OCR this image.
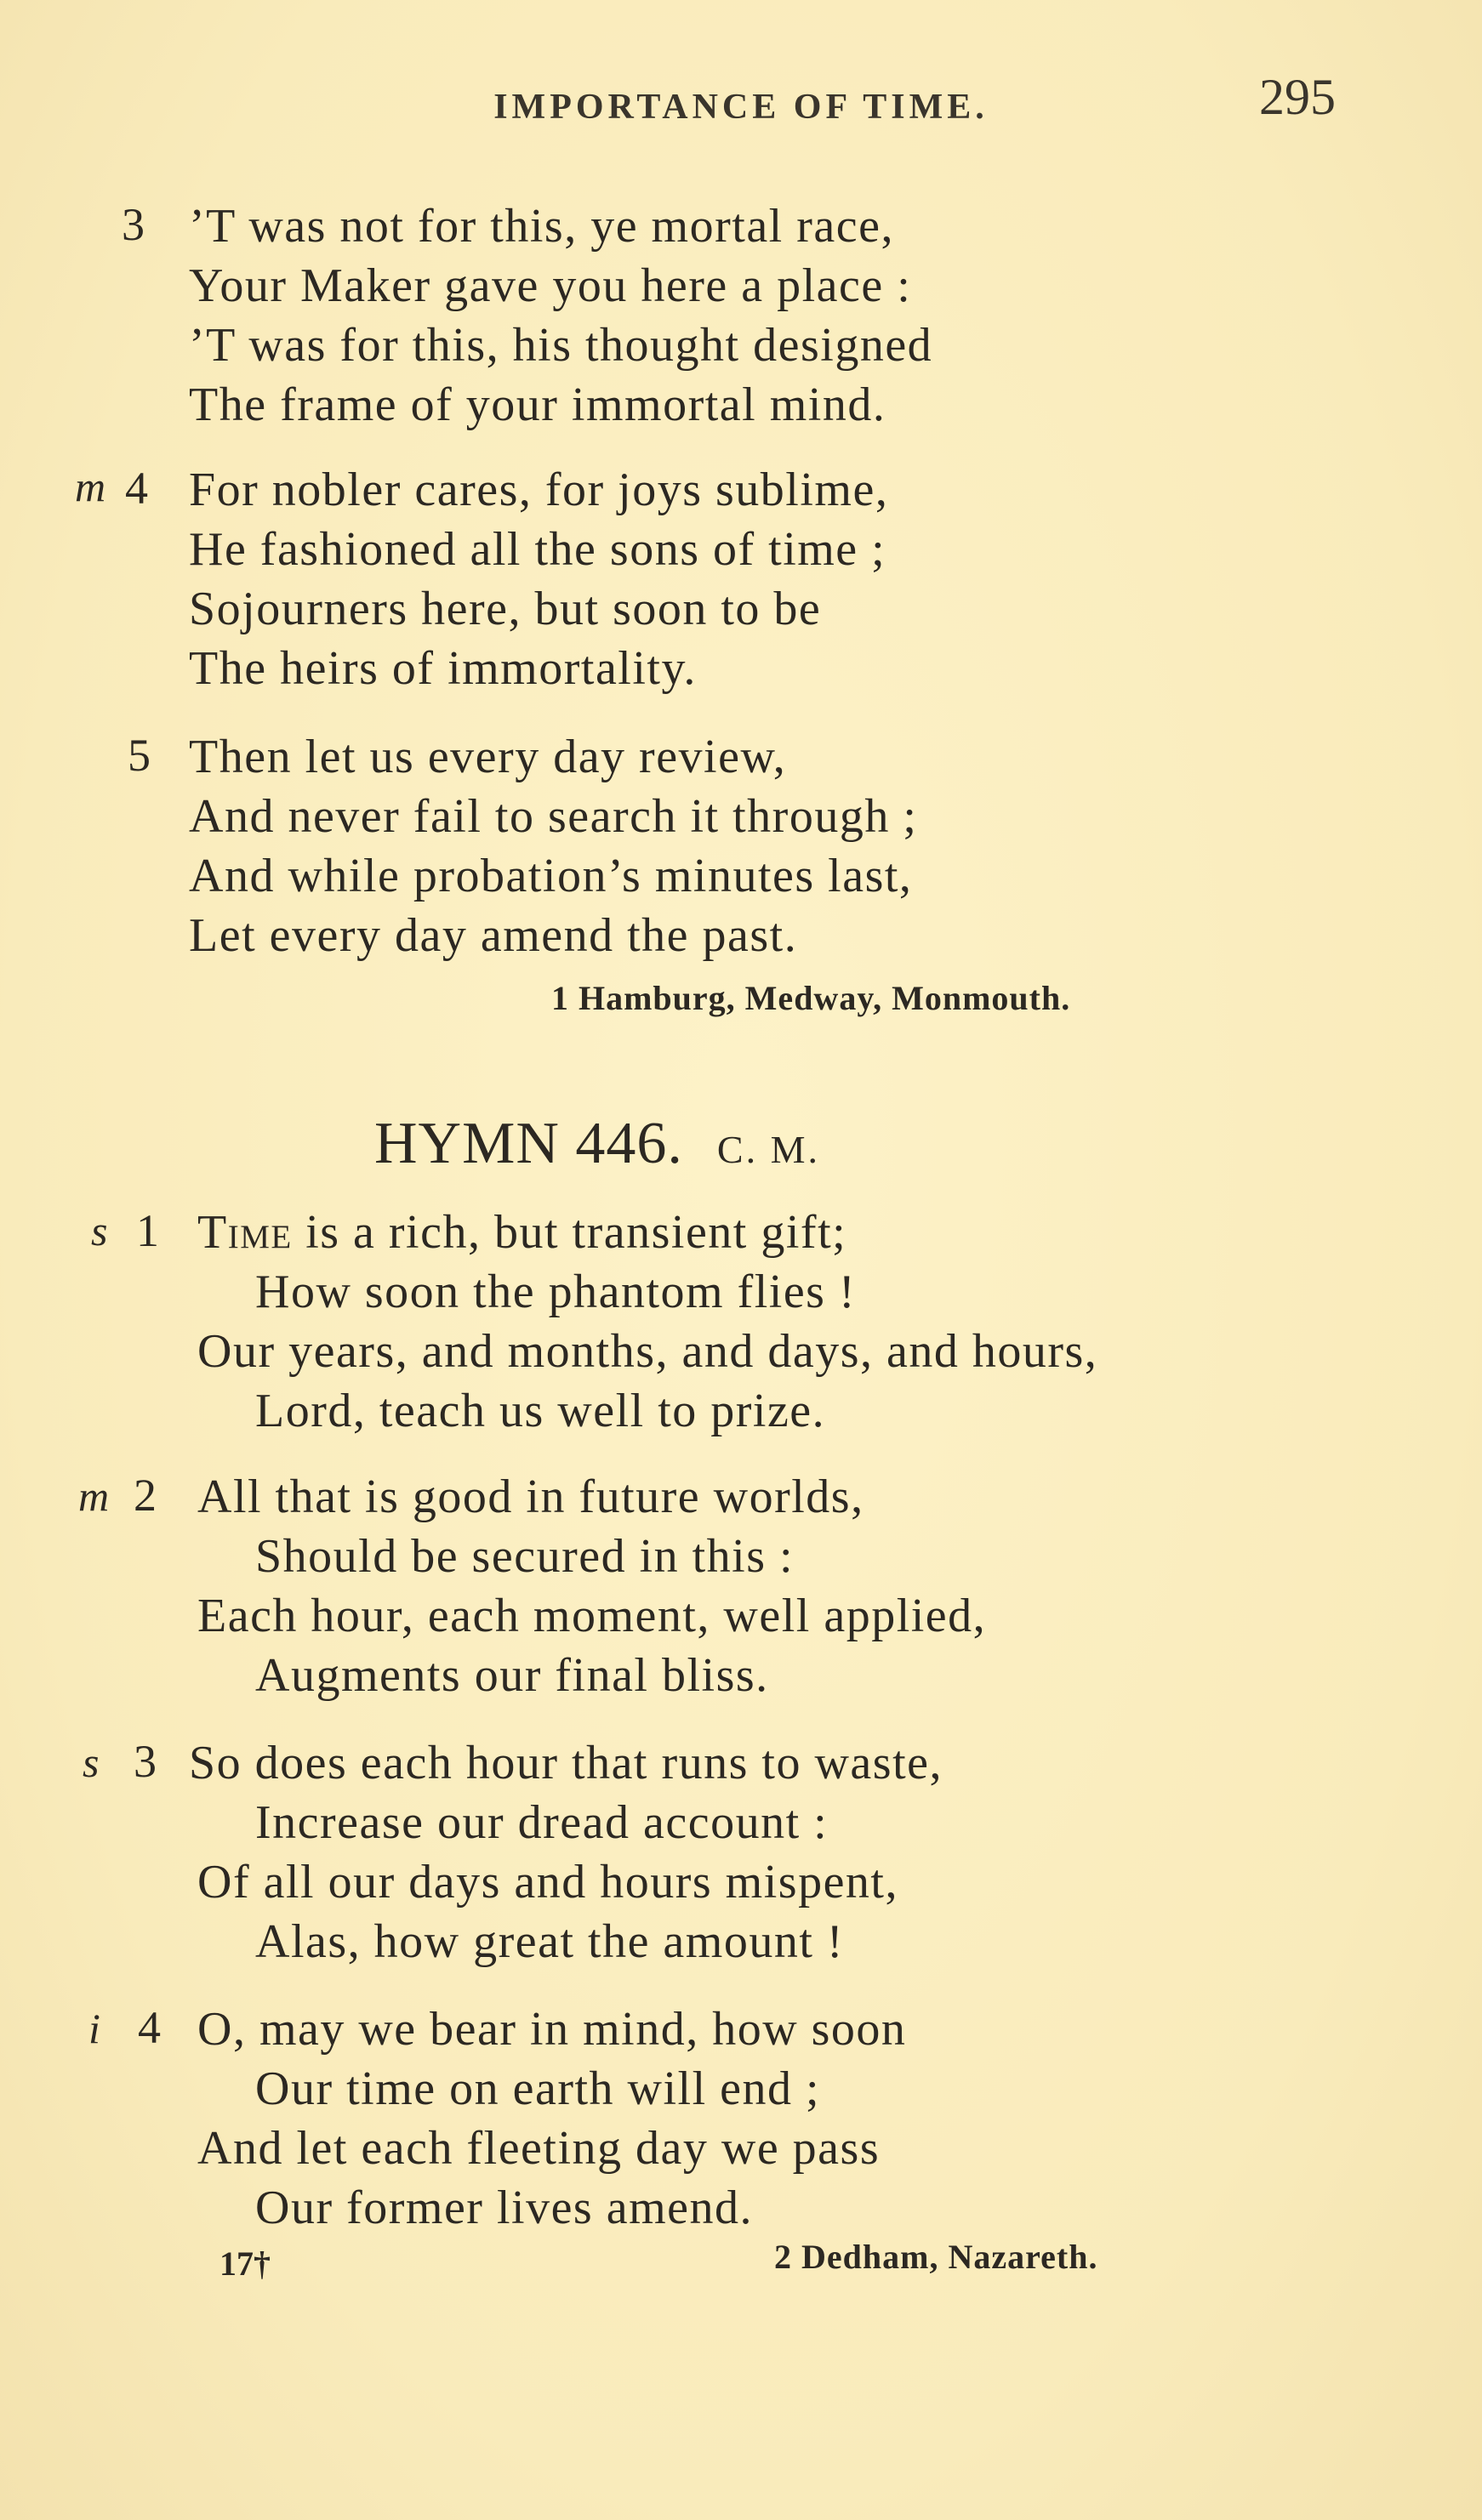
IMPORTANCE OF TIME.	295
3 ’T was not for this, ye mortal race,
Your Maker gave you here a place :
’T was for this, his thought designed
The frame of your immortal mind.
m 4 For nobler cares, for joys sublime,
He fashioned all the sons of time ;
Sojourners here, but soon to be
The heirs of immortality.
5 Then let us every day review,
And never fail to search it through ;
And while probation’s minutes last,
Let every day amend the past.
1 Hamburg, Medway, Monmouth.
HYMN 446. C. M.
s 1 Time is a rich, but transient gift;
How soon the phantom flies !
Our years, and months, and days, and hours,
Lord, teach us well to prize.
m 2 All that is good in future worlds,
Should be secured in this :
Each hour, each moment, well applied,
Augments our final bliss.
s 3 So does each hour that runs to waste,
Increase our dread account :
Of all our days and hours mispent,
Alas, how great the amount !
i 4 O, may we bear in mind, how soon
Our time on earth will end ;
And let each fleeting day we pass
Our former lives amend.
17†	2 Dedham, Nazareth.
